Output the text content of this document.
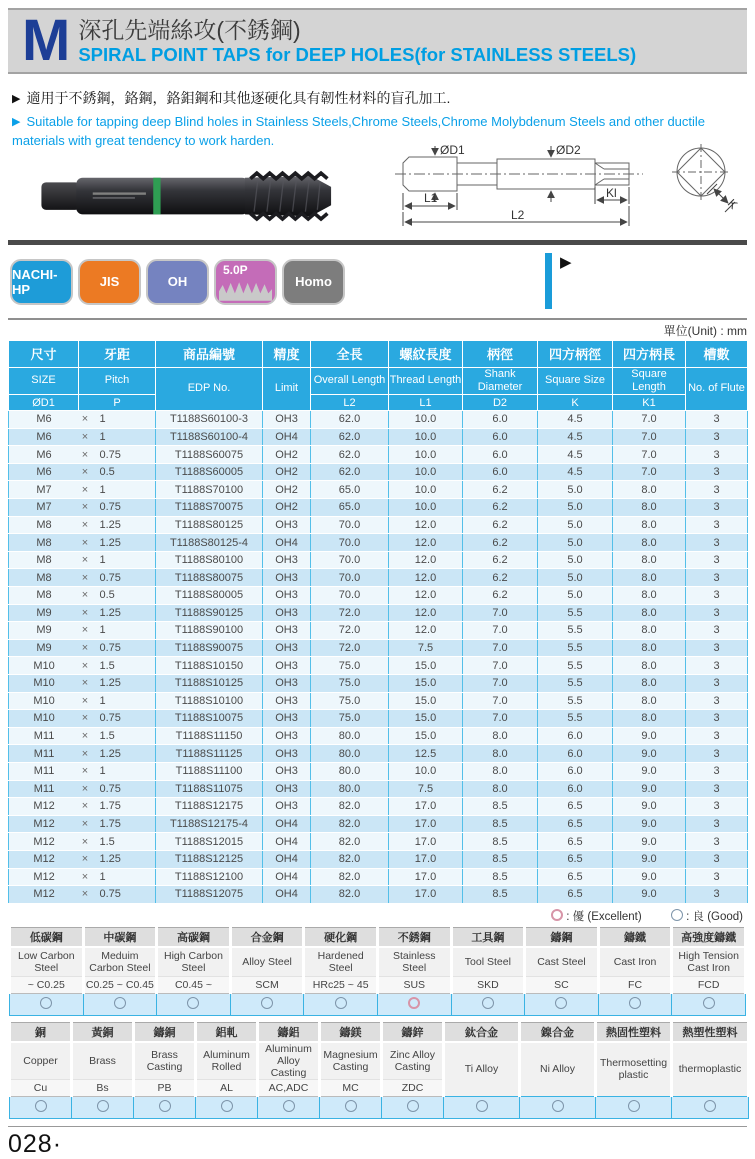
M 深孔先端絲攻(不銹鋼)
SPIRAL POINT TAPS for DEEP HOLES(for STAINLESS STEELS)

▶ 適用于不銹鋼，鉻鋼，鉻鉬鋼和其他逐硬化具有韌性材料的盲孔加工.

▶ Suitable for tapping deep Blind holes in Stainless Steels,Chrome Steels,Chrome Molybdenum Steels and other ductile materials with great tendency to work harden.

ØD1	ØD2
L1	Kl
L2
K
NACHI-HP	JIS	OH
5.0P
Homo
▶
單位(Unit) : mm
尺寸	牙距	商品編號	精度	全長	螺紋長度	柄徑	四方柄徑	四方柄長	槽數
SIZE	Pitch	EDP No.	Limit	Overall Length	Thread Length	Shank Diameter	Square Size	Square Length	No. of Flute
ØD1	P			L2	L1	D2	K	K1	
M6 × 1		T1188S60100-3	OH3	62.0	10.0	6.0	4.5	7.0	3
M6 × 1		T1188S60100-4	OH4	62.0	10.0	6.0	4.5	7.0	3
M6 × 0.75		T1188S60075	OH2	62.0	10.0	6.0	4.5	7.0	3
M6 × 0.5		T1188S60005	OH2	62.0	10.0	6.0	4.5	7.0	3
M7 × 1		T1188S70100	OH2	65.0	10.0	6.2	5.0	8.0	3
M7 × 0.75		T1188S70075	OH2	65.0	10.0	6.2	5.0	8.0	3
M8 × 1.25		T1188S80125	OH3	70.0	12.0	6.2	5.0	8.0	3
M8 × 1.25		T1188S80125-4	OH4	70.0	12.0	6.2	5.0	8.0	3
M8 × 1		T1188S80100	OH3	70.0	12.0	6.2	5.0	8.0	3
M8 × 0.75		T1188S80075	OH3	70.0	12.0	6.2	5.0	8.0	3
M8 × 0.5		T1188S80005	OH3	70.0	12.0	6.2	5.0	8.0	3
M9 × 1.25		T1188S90125	OH3	72.0	12.0	7.0	5.5	8.0	3
M9 × 1		T1188S90100	OH3	72.0	12.0	7.0	5.5	8.0	3
M9 × 0.75		T1188S90075	OH3	72.0	7.5	7.0	5.5	8.0	3
M10 × 1.5		T1188S10150	OH3	75.0	15.0	7.0	5.5	8.0	3
M10 × 1.25		T1188S10125	OH3	75.0	15.0	7.0	5.5	8.0	3
M10 × 1		T1188S10100	OH3	75.0	15.0	7.0	5.5	8.0	3
M10 × 0.75		T1188S10075	OH3	75.0	15.0	7.0	5.5	8.0	3
M11 × 1.5		T1188S11150	OH3	80.0	15.0	8.0	6.0	9.0	3
M11 × 1.25		T1188S11125	OH3	80.0	12.5	8.0	6.0	9.0	3
M11 × 1		T1188S11100	OH3	80.0	10.0	8.0	6.0	9.0	3
M11 × 0.75		T1188S11075	OH3	80.0	7.5	8.0	6.0	9.0	3
M12 × 1.75		T1188S12175	OH3	82.0	17.0	8.5	6.5	9.0	3
M12 × 1.75		T1188S12175-4	OH4	82.0	17.0	8.5	6.5	9.0	3
M12 × 1.5		T1188S12015	OH4	82.0	17.0	8.5	6.5	9.0	3
M12 × 1.25		T1188S12125	OH4	82.0	17.0	8.5	6.5	9.0	3
M12 × 1		T1188S12100	OH4	82.0	17.0	8.5	6.5	9.0	3
M12 × 0.75		T1188S12075	OH4	82.0	17.0	8.5	6.5	9.0	3
: 優 (Excellent)	: 良 (Good)
低碳鋼	中碳鋼	高碳鋼	合金鋼	硬化鋼	不銹鋼	工具鋼	鑄鋼	鑄鐵	高強度鑄鐵
Low Carbon Steel	Meduim Carbon Steel	High Carbon Steel	Alloy Steel	Hardened Steel	Stainless Steel	Tool Steel	Cast Steel	Cast Iron	High Tension Cast Iron
~ C0.25	C0.25 ~ C0.45	C0.45 ~	SCM	HRc25 ~ 45	SUS	SKD	SC	FC	FCD

銅	黃銅	鑄銅	鋁軋	鑄鋁	鑄鎂	鑄鋅	鈦合金	鎳合金	熱固性塑料	熱塑性塑料
Copper	Brass	Brass Casting	Aluminum Rolled	Aluminum Alloy Casting	Magnesium Casting	Zinc Alloy Casting	Ti Alloy	Ni Alloy	Thermosetting plastic	thermoplastic
Cu	Bs	PB	AL	AC,ADC	MC	ZDC				

028·
